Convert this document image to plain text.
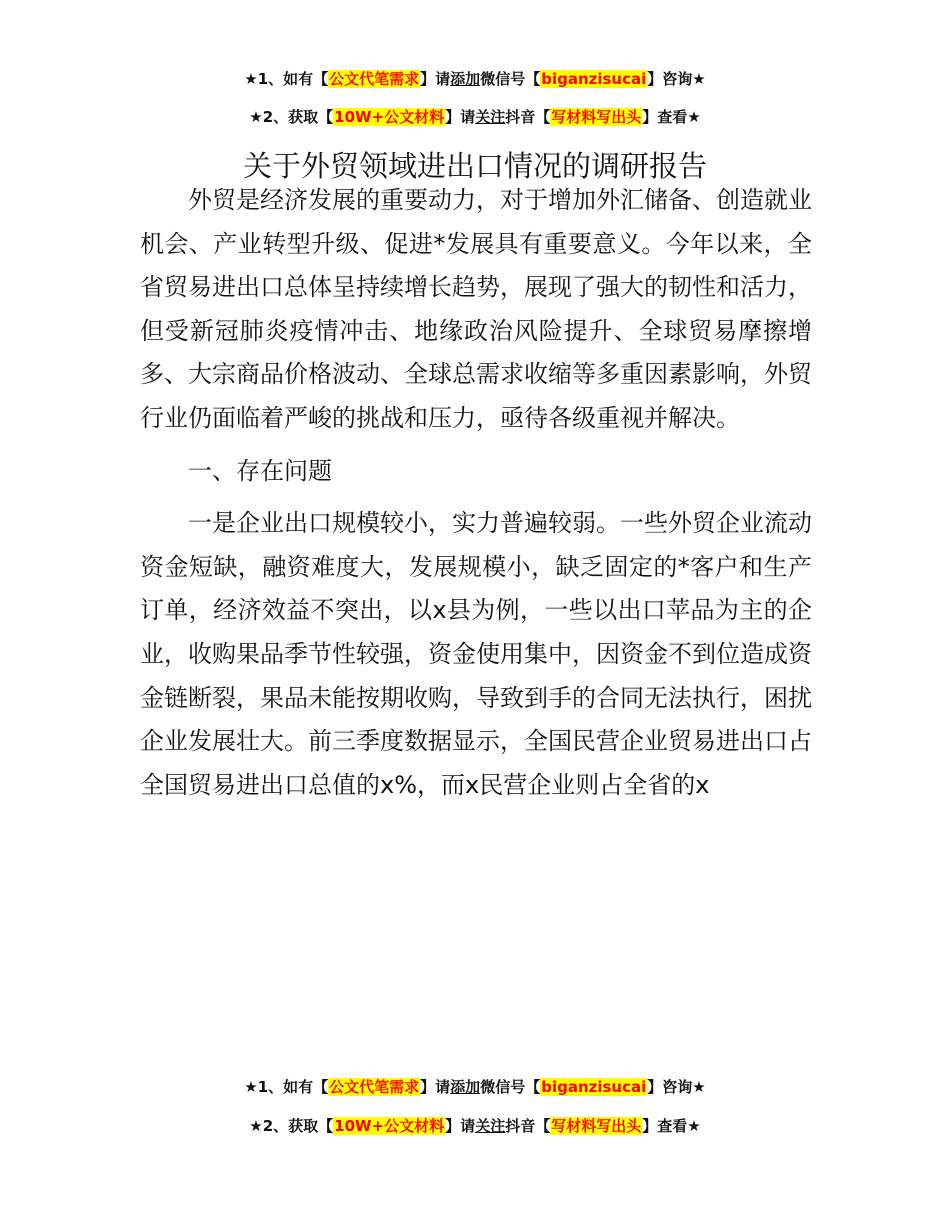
★1、如有【公文代笔需求】请添加微信号【biganzisucai】咨询★
★2、获取【10W+公文材料】请关注抖音【写材料写出头】查看★
关于外贸领域进出口情况的调研报告

外贸是经济发展的重要动力，对于增加外汇储备、创造就业机会、产业转型升级、促进*发展具有重要意义。今年以来，全省贸易进出口总体呈持续增长趋势，展现了强大的韧性和活力，但受新冠肺炎疫情冲击、地缘政治风险提升、全球贸易摩擦增多、大宗商品价格波动、全球总需求收缩等多重因素影响，外贸行业仍面临着严峻的挑战和压力，亟待各级重视并解决。

一、存在问题

一是企业出口规模较小，实力普遍较弱。一些外贸企业流动资金短缺，融资难度大，发展规模小，缺乏固定的*客户和生产订单，经济效益不突出，以x县为例，一些以出口苹品为主的企业，收购果品季节性较强，资金使用集中，因资金不到位造成资金链断裂，果品未能按期收购，导致到手的合同无法执行，困扰企业发展壮大。前三季度数据显示，全国民营企业贸易进出口占全国贸易进出口总值的x%，而x民营企业则占全省的x

★1、如有【公文代笔需求】请添加微信号【biganzisucai】咨询★
★2、获取【10W+公文材料】请关注抖音【写材料写出头】查看★
